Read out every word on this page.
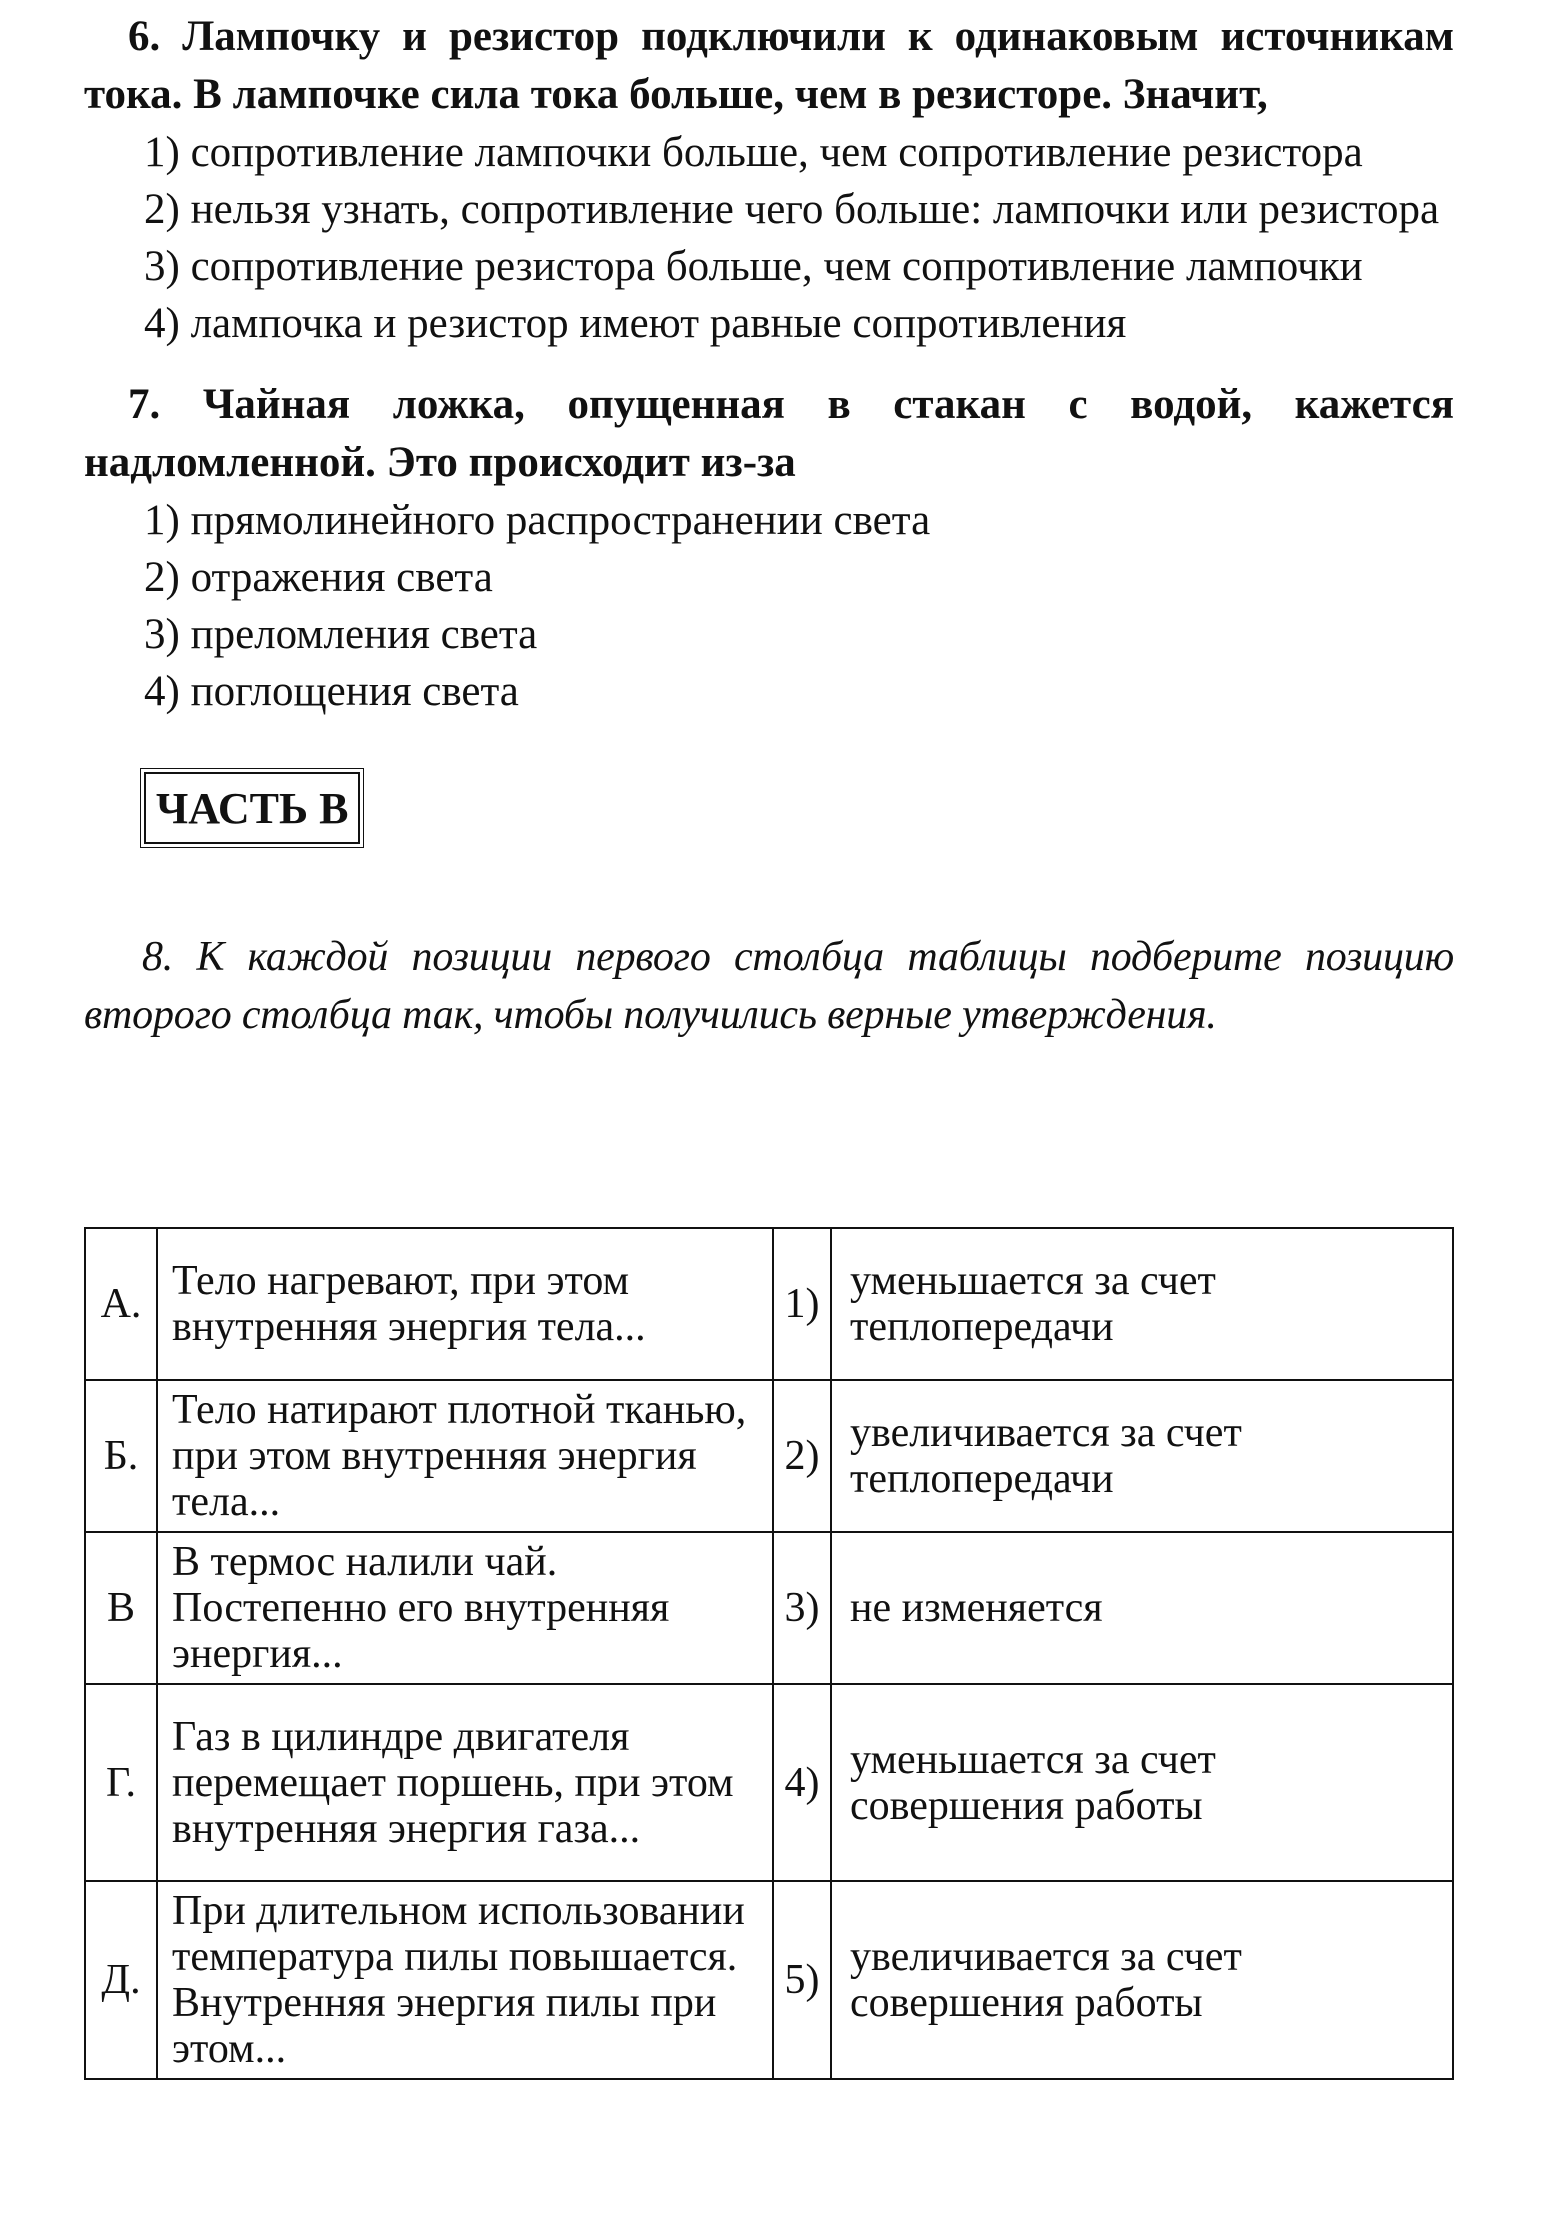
6. Лампочку и резистор подключили к одинаковым источникам тока. В лампочке сила тока больше, чем в резисторе. Значит,

1) сопротивление лампочки больше, чем сопротивление резистора
2) нельзя узнать, сопротивление чего больше: лампочки или резистора
3) сопротивление резистора больше, чем сопротивление лампочки
4) лампочка и резистор имеют равные сопротивления

7. Чайная ложка, опущенная в стакан с водой, кажется надломленной. Это происходит из-за

1) прямолинейного распространении света
2) отражения света
3) преломления света
4) поглощения света
ЧАСТЬ В

8. К каждой позиции первого столбца таблицы подберите позицию второго столбца так, чтобы получились верные утверждения.

А.	Тело нагревают, при этом внутренняя энергия тела...	1)	уменьшается за счет теплопередачи
Б.	Тело натирают плотной тканью, при этом внутренняя энергия тела...	2)	увеличивается за счет теплопередачи
В	В термос налили чай. Постепенно его внутренняя энергия...	3)	не изменяется
Г.	Газ в цилиндре двигателя перемещает поршень, при этом внутренняя энергия газа...	4)	уменьшается за счет совершения работы
Д.	При длительном использовании температура пилы повышается. Внутренняя энергия пилы при этом...	5)	увеличивается за счет совершения работы
